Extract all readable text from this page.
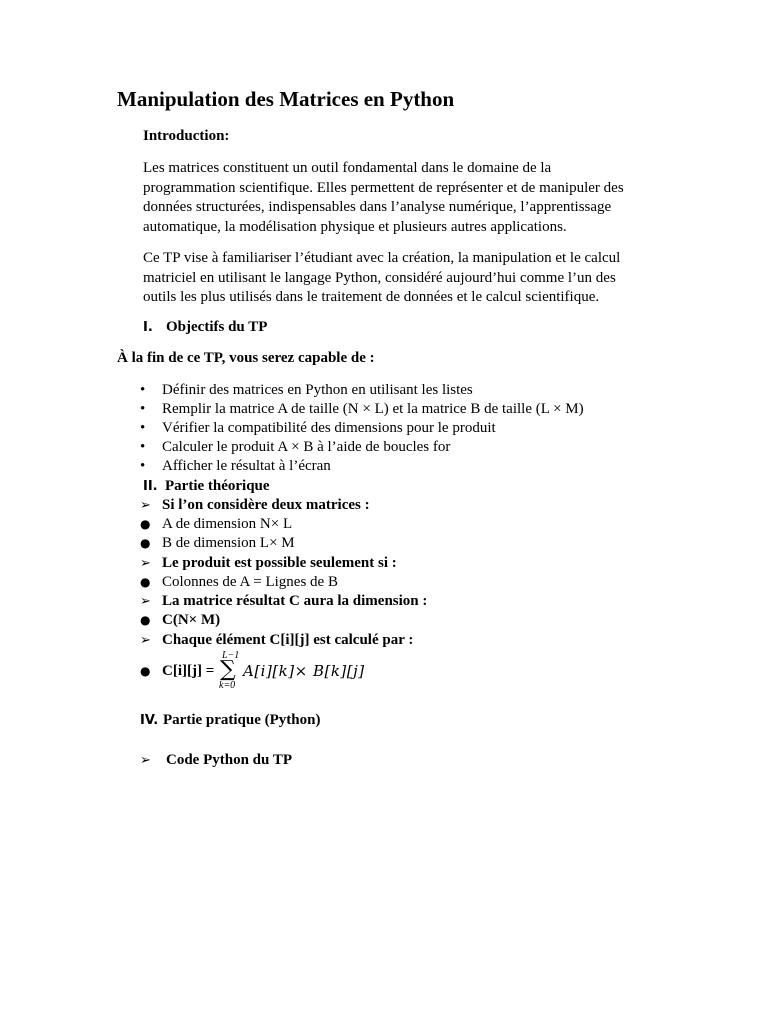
Manipulation des Matrices en Python
Introduction:
Les matrices constituent un outil fondamental dans le domaine de la programmation scientifique. Elles permettent de représenter et de manipuler des données structurées, indispensables dans l’analyse numérique, l’apprentissage automatique, la modélisation physique et plusieurs autres applications.
Ce TP vise à familiariser l’étudiant avec la création, la manipulation et le calcul matriciel en utilisant le langage Python, considéré aujourd’hui comme l’un des outils les plus utilisés dans le traitement de données et le calcul scientifique.
I. Objectifs du TP
À la fin de ce TP, vous serez capable de :
• Définir des matrices en Python en utilisant les listes
• Remplir la matrice A de taille (N × L) et la matrice B de taille (L × M)
• Vérifier la compatibilité des dimensions pour le produit
• Calculer le produit A × B à l’aide de boucles for
• Afficher le résultat à l’écran
II. Partie théorique
➢ Si l’on considère deux matrices :
● A de dimension N× L
● B de dimension L× M
➢ Le produit est possible seulement si :
● Colonnes de A = Lignes de B
➢ La matrice résultat C aura la dimension :
● C(N× M)
➢ Chaque élément C[i][j] est calculé par :
● C[i][j] =
L−1
∑
k=0
A[i][k]× B[k][j]
IV. Partie pratique (Python)
➢ Code Python du TP
